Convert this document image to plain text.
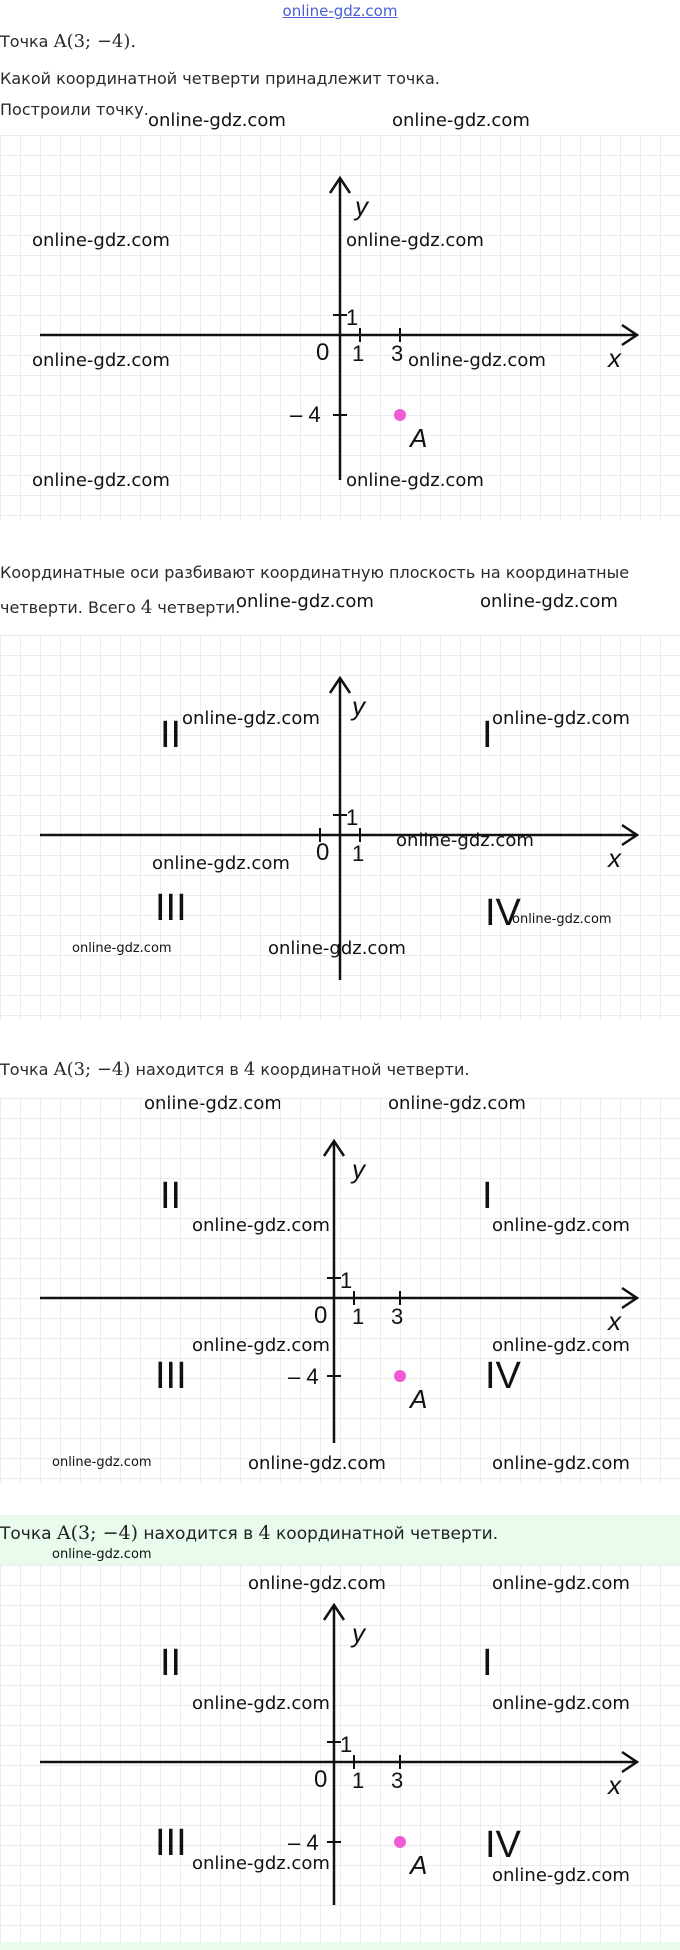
online-gdz.com
Точка A(3; −4).
Какой координатной четверти принадлежит точка.
Построили точку.
y
x
0 1
1
3
– 4
A
online-gdz.com	online-gdz.com
online-gdz.com	online-gdz.com
online-gdz.com	online-gdz.com
online-gdz.com	online-gdz.com
Координатные оси разбивают координатную плоскость на координатные
четверти. Всего 4 четверти.
online-gdz.com	online-gdz.com
y
x
0 1
1
II	I
III	IV
online-gdz.com	online-gdz.com
online-gdz.com
online-gdz.com
online-gdz.com
online-gdz.com	online-gdz.com
Точка A(3; −4) находится в 4 координатной четверти.
y
x
0 1
1
3
– 4
A
II	I
III	IV
online-gdz.com	online-gdz.com
online-gdz.com	online-gdz.com
online-gdz.com	online-gdz.com	online-gdz.com
Точка A(3; −4) находится в 4 координатной четверти.
online-gdz.com
y
x
0 1
1
3
– 4
A
II	I
III	IV
online-gdz.com	online-gdz.com
online-gdz.com	online-gdz.com
online-gdz.com
online-gdz.com
